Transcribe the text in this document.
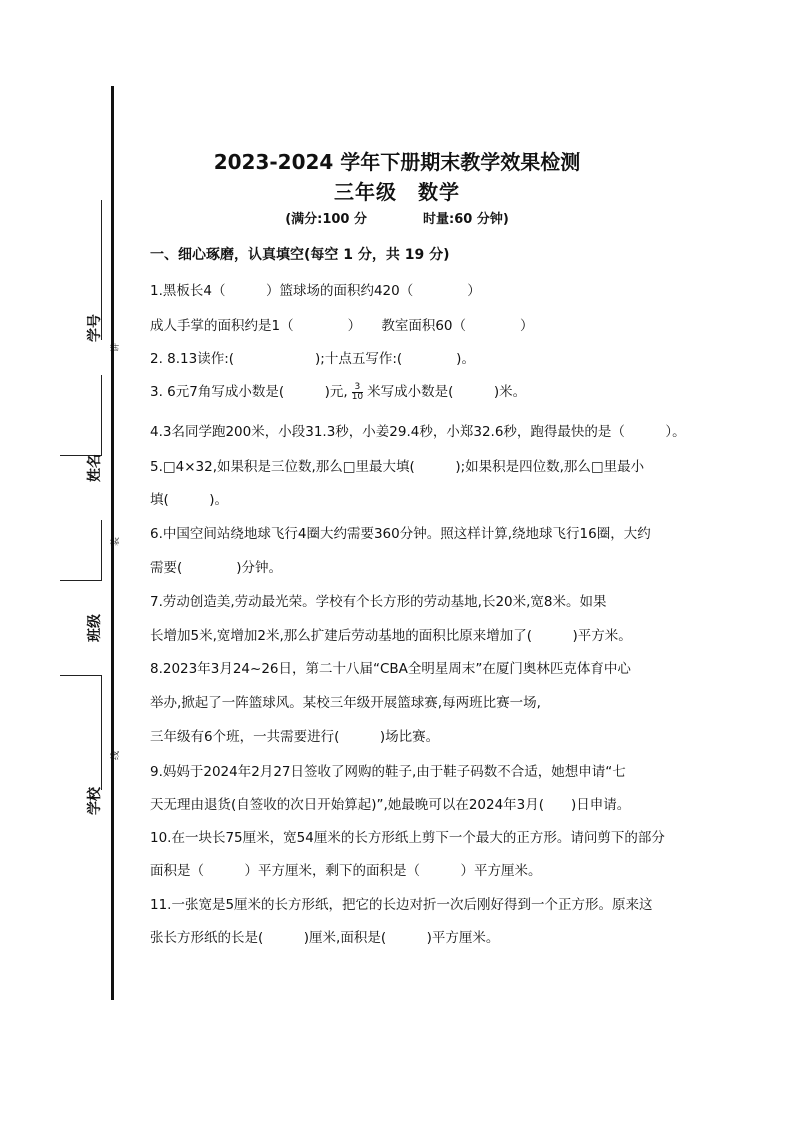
学号
姓名
班级
学校
讲
装
线
2023-2024 学年下册期末教学效果检测
三年级　数学
(满分:100 分	时量:60 分钟)
一、细心琢磨，认真填空(每空 1 分，共 19 分)
1.黑板长4（　　　）篮球场的面积约420（　　　　）
成人手掌的面积约是1（　　　　）　　教室面积60（　　　　）
2. 8.13读作:(　　　　　　);十点五写作:(　　　　)。
3. 6元7角写成小数是(　　　)元, $\frac{3}{10}$ 米写成小数是(　　　)米。
4.3名同学跑200米，小段31.3秒，小姜29.4秒，小郑32.6秒，跑得最快的是（　　　）。
5.□4×32,如果积是三位数,那么□里最大填(　　　);如果积是四位数,那么□里最小
填(　　　)。
6.中国空间站绕地球飞行4圈大约需要360分钟。照这样计算,绕地球飞行16圈，大约
需要(　　　　)分钟。
7.劳动创造美,劳动最光荣。学校有个长方形的劳动基地,长20米,宽8米。如果
长增加5米,宽增加2米,那么扩建后劳动基地的面积比原来增加了(　　　)平方米。
8.2023年3月24~26日，第二十八届“CBA全明星周末”在厦门奥林匹克体育中心
举办,掀起了一阵篮球风。某校三年级开展篮球赛,每两班比赛一场,
三年级有6个班，一共需要进行(　　　)场比赛。
9.妈妈于2024年2月27日签收了网购的鞋子,由于鞋子码数不合适，她想申请“七
天无理由退货(自签收的次日开始算起)”,她最晚可以在2024年3月(　　)日申请。
10.在一块长75厘米，宽54厘米的长方形纸上剪下一个最大的正方形。请问剪下的部分
面积是（　　　）平方厘米，剩下的面积是（　　　）平方厘米。
11.一张宽是5厘米的长方形纸，把它的长边对折一次后刚好得到一个正方形。原来这
张长方形纸的长是(　　　)厘米,面积是(　　　)平方厘米。
